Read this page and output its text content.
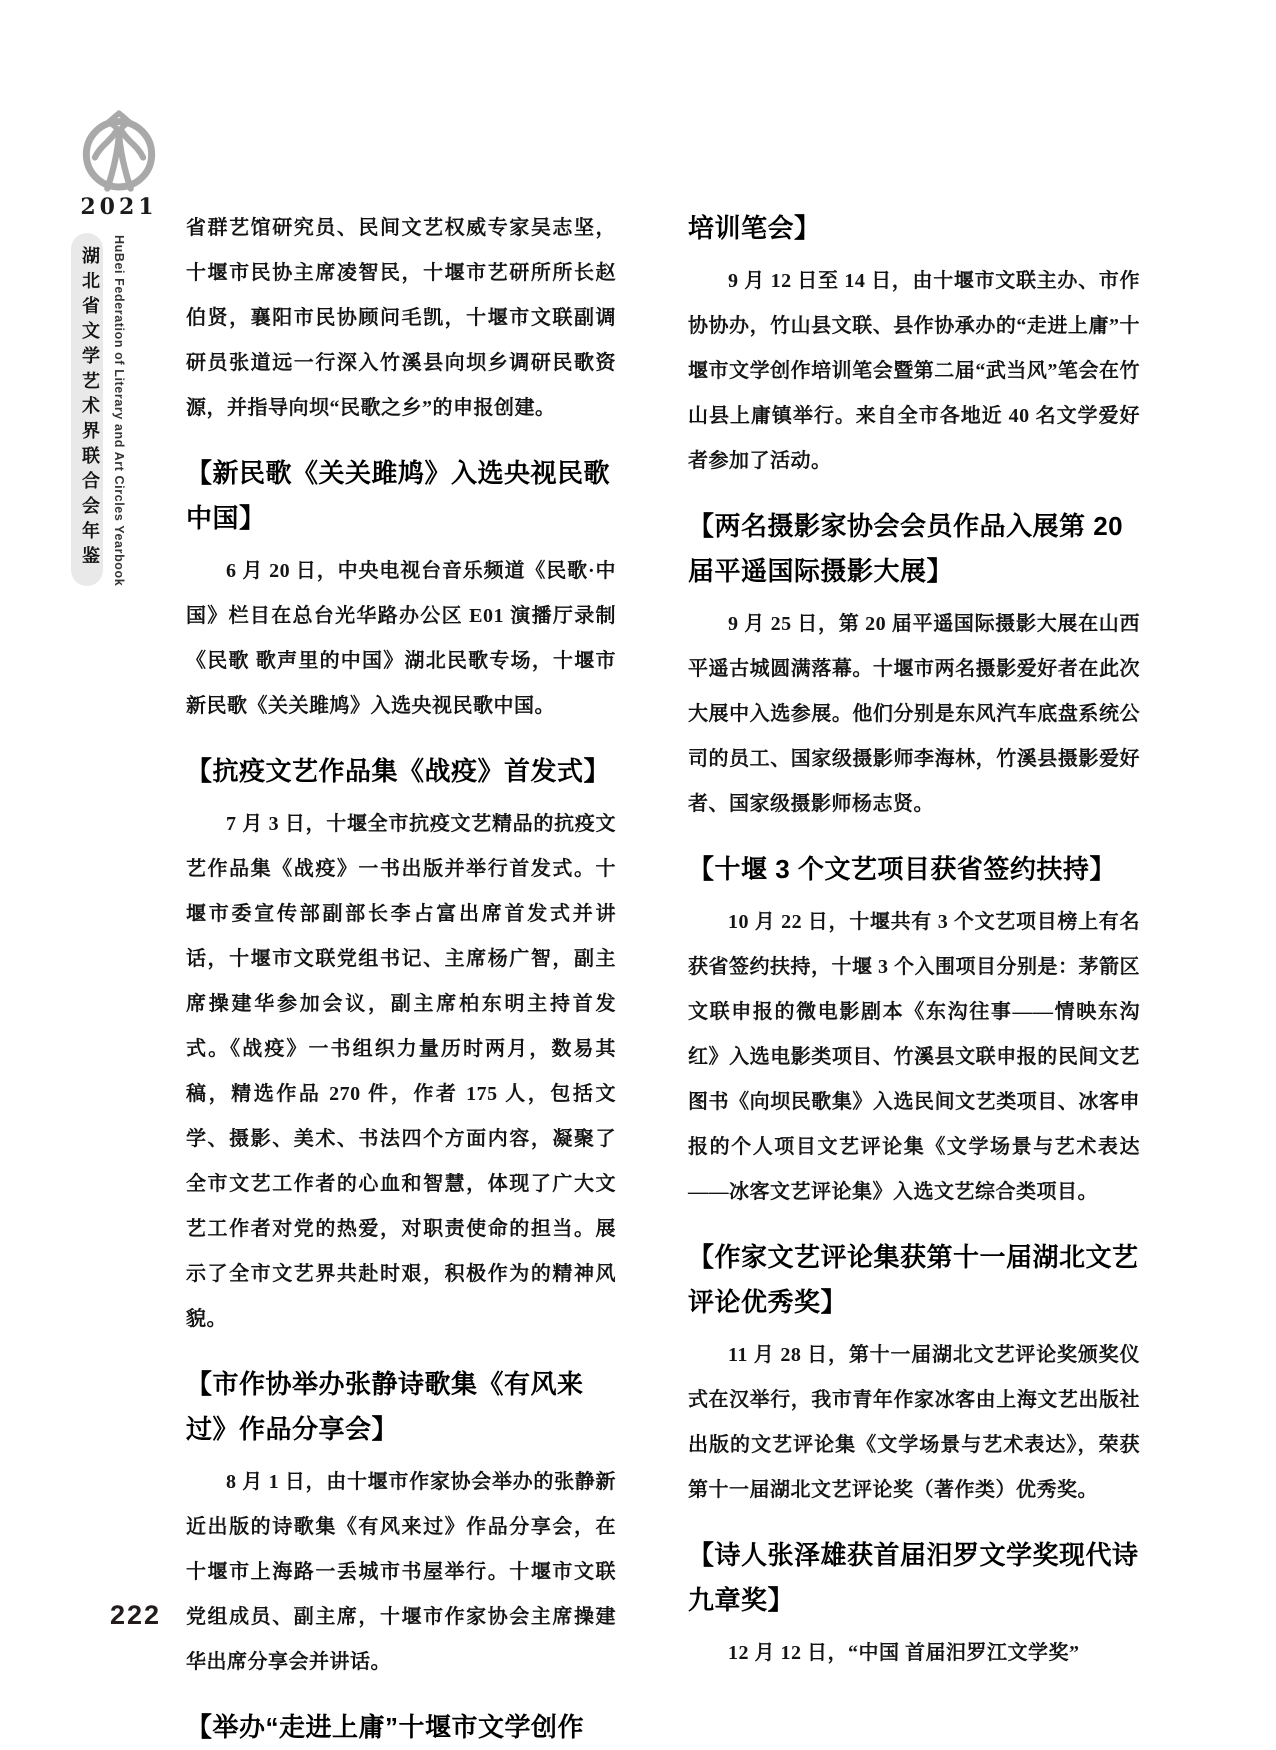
2021
湖北省文学艺术界联合会年鉴 HuBei Federation of Literary and Art Circles Yearbook

省群艺馆研究员、民间文艺权威专家吴志坚，十堰市民协主席凌智民，十堰市艺研所所长赵伯贤，襄阳市民协顾问毛凯，十堰市文联副调研员张道远一行深入竹溪县向坝乡调研民歌资源，并指导向坝“民歌之乡”的申报创建。

【新民歌《关关雎鸠》入选央视民歌中国】

6 月 20 日，中央电视台音乐频道《民歌·中国》栏目在总台光华路办公区 E01 演播厅录制《民歌 歌声里的中国》湖北民歌专场，十堰市新民歌《关关雎鸠》入选央视民歌中国。

【抗疫文艺作品集《战疫》首发式】

7 月 3 日，十堰全市抗疫文艺精品的抗疫文艺作品集《战疫》一书出版并举行首发式。十堰市委宣传部副部长李占富出席首发式并讲话，十堰市文联党组书记、主席杨广智，副主席操建华参加会议，副主席柏东明主持首发式。《战疫》一书组织力量历时两月，数易其稿，精选作品 270 件，作者 175 人，包括文学、摄影、美术、书法四个方面内容，凝聚了全市文艺工作者的心血和智慧，体现了广大文艺工作者对党的热爱，对职责使命的担当。展示了全市文艺界共赴时艰，积极作为的精神风貌。

【市作协举办张静诗歌集《有风来过》作品分享会】

8 月 1 日，由十堰市作家协会举办的张静新近出版的诗歌集《有风来过》作品分享会，在十堰市上海路一丢城市书屋举行。十堰市文联党组成员、副主席，十堰市作家协会主席操建华出席分享会并讲话。

【举办“走进上庸”十堰市文学创作
培训笔会】

9 月 12 日至 14 日，由十堰市文联主办、市作协协办，竹山县文联、县作协承办的“走进上庸”十堰市文学创作培训笔会暨第二届“武当风”笔会在竹山县上庸镇举行。来自全市各地近 40 名文学爱好者参加了活动。

【两名摄影家协会会员作品入展第 20 届平遥国际摄影大展】

9 月 25 日，第 20 届平遥国际摄影大展在山西平遥古城圆满落幕。十堰市两名摄影爱好者在此次大展中入选参展。他们分别是东风汽车底盘系统公司的员工、国家级摄影师李海林，竹溪县摄影爱好者、国家级摄影师杨志贤。

【十堰 3 个文艺项目获省签约扶持】

10 月 22 日，十堰共有 3 个文艺项目榜上有名获省签约扶持，十堰 3 个入围项目分别是：茅箭区文联申报的微电影剧本《东沟往事——情映东沟红》入选电影类项目、竹溪县文联申报的民间文艺图书《向坝民歌集》入选民间文艺类项目、冰客申报的个人项目文艺评论集《文学场景与艺术表达——冰客文艺评论集》入选文艺综合类项目。

【作家文艺评论集获第十一届湖北文艺评论优秀奖】

11 月 28 日，第十一届湖北文艺评论奖颁奖仪式在汉举行，我市青年作家冰客由上海文艺出版社出版的文艺评论集《文学场景与艺术表达》，荣获第十一届湖北文艺评论奖（著作类）优秀奖。

【诗人张泽雄获首届汨罗文学奖现代诗九章奖】

12 月 12 日，“中国 首届汨罗江文学奖”

222
